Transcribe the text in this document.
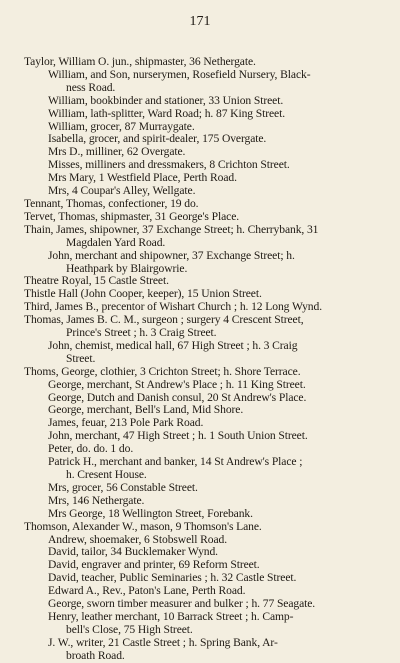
171
Taylor, William O. jun., shipmaster, 36 Nethergate.
William, and Son, nurserymen, Rosefield Nursery, Black-
ness Road.
William, bookbinder and stationer, 33 Union Street.
William, lath-splitter, Ward Road; h. 87 King Street.
William, grocer, 87 Murraygate.
Isabella, grocer, and spirit-dealer, 175 Overgate.
Mrs D., milliner, 62 Overgate.
Misses, milliners and dressmakers, 8 Crichton Street.
Mrs Mary, 1 Westfield Place, Perth Road.
Mrs, 4 Coupar's Alley, Wellgate.
Tennant, Thomas, confectioner, 19 do.
Tervet, Thomas, shipmaster, 31 George's Place.
Thain, James, shipowner, 37 Exchange Street; h. Cherrybank, 31
Magdalen Yard Road.
John, merchant and shipowner, 37 Exchange Street; h.
Heathpark by Blairgowrie.
Theatre Royal, 15 Castle Street.
Thistle Hall (John Cooper, keeper), 15 Union Street.
Third, James B., precentor of Wishart Church ; h. 12 Long Wynd.
Thomas, James B. C. M., surgeon ; surgery 4 Crescent Street,
Prince's Street ; h. 3 Craig Street.
John, chemist, medical hall, 67 High Street ; h. 3 Craig
Street.
Thoms, George, clothier, 3 Crichton Street; h. Shore Terrace.
George, merchant, St Andrew's Place ; h. 11 King Street.
George, Dutch and Danish consul, 20 St Andrew's Place.
George, merchant, Bell's Land, Mid Shore.
James, feuar, 213 Pole Park Road.
John, merchant, 47 High Street ; h. 1 South Union Street.
Peter, do. do. 1 do.
Patrick H., merchant and banker, 14 St Andrew's Place ;
h. Cresent House.
Mrs, grocer, 56 Constable Street.
Mrs, 146 Nethergate.
Mrs George, 18 Wellington Street, Forebank.
Thomson, Alexander W., mason, 9 Thomson's Lane.
Andrew, shoemaker, 6 Stobswell Road.
David, tailor, 34 Bucklemaker Wynd.
David, engraver and printer, 69 Reform Street.
David, teacher, Public Seminaries ; h. 32 Castle Street.
Edward A., Rev., Paton's Lane, Perth Road.
George, sworn timber measurer and bulker ; h. 77 Seagate.
Henry, leather merchant, 10 Barrack Street ; h. Camp-
bell's Close, 75 High Street.
J. W., writer, 21 Castle Street ; h. Spring Bank, Ar-
broath Road.
